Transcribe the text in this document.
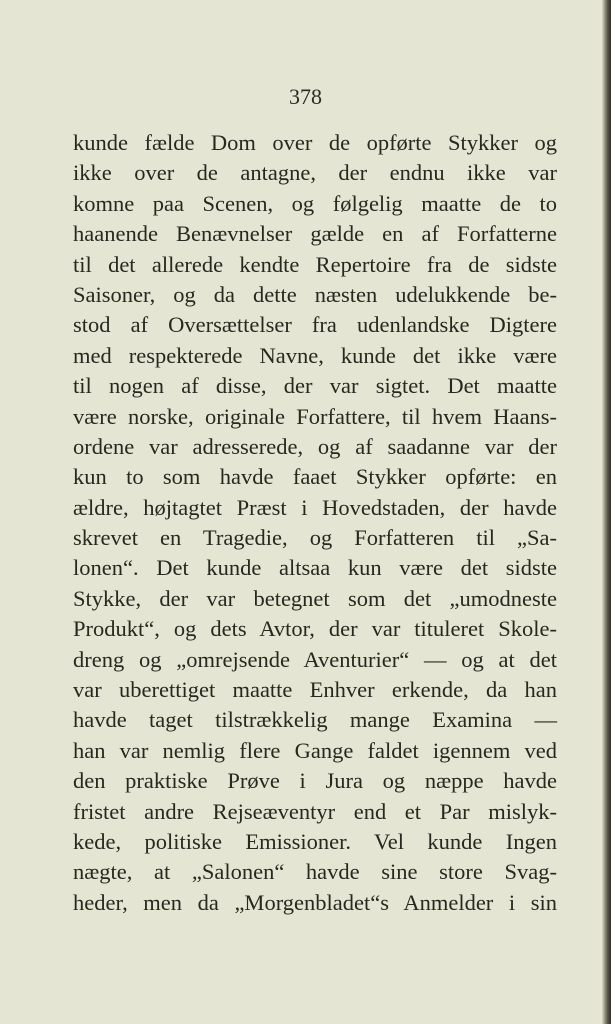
378
kunde fælde Dom over de opførte Stykker og
ikke over de antagne, der endnu ikke var
komne paa Scenen, og følgelig maatte de to
haanende Benævnelser gælde en af Forfatterne
til det allerede kendte Repertoire fra de sidste
Saisoner, og da dette næsten udelukkende be-
stod af Oversættelser fra udenlandske Digtere
med respekterede Navne, kunde det ikke være
til nogen af disse, der var sigtet. Det maatte
være norske, originale Forfattere, til hvem Haans-
ordene var adresserede, og af saadanne var der
kun to som havde faaet Stykker opførte: en
ældre, højtagtet Præst i Hovedstaden, der havde
skrevet en Tragedie, og Forfatteren til „Sa-
lonen“. Det kunde altsaa kun være det sidste
Stykke, der var betegnet som det „umodneste
Produkt“, og dets Avtor, der var tituleret Skole-
dreng og „omrejsende Aventurier“ — og at det
var uberettiget maatte Enhver erkende, da han
havde taget tilstrækkelig mange Examina —
han var nemlig flere Gange faldet igennem ved
den praktiske Prøve i Jura og næppe havde
fristet andre Rejseæventyr end et Par mislyk-
kede, politiske Emissioner. Vel kunde Ingen
nægte, at „Salonen“ havde sine store Svag-
heder, men da „Morgenbladet“s Anmelder i sin
